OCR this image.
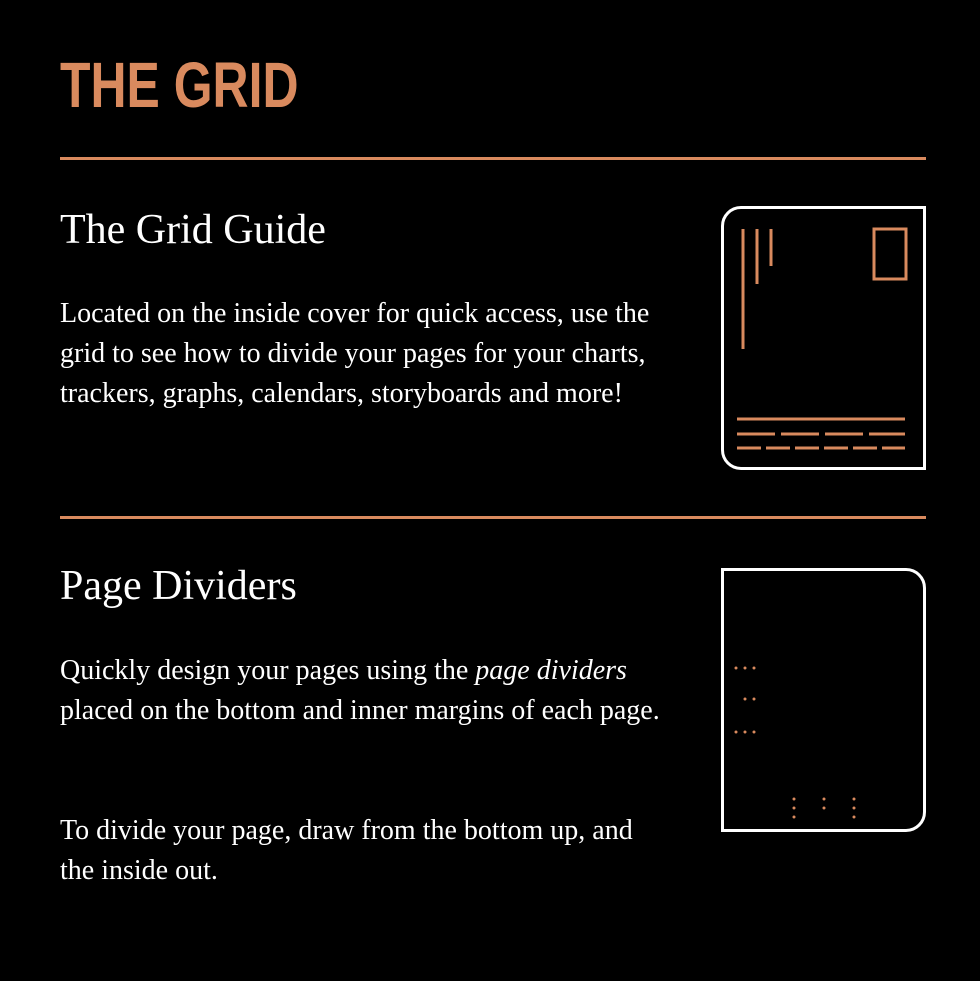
THE GRID
The Grid Guide

Located on the inside cover for quick access, use the grid to see how to divide your pages for your charts, trackers, graphs, calendars, storyboards and more!

Page Dividers

Quickly design your pages using the page dividers placed on the bottom and inner margins of each page.

To divide your page, draw from the bottom up, and the inside out.
